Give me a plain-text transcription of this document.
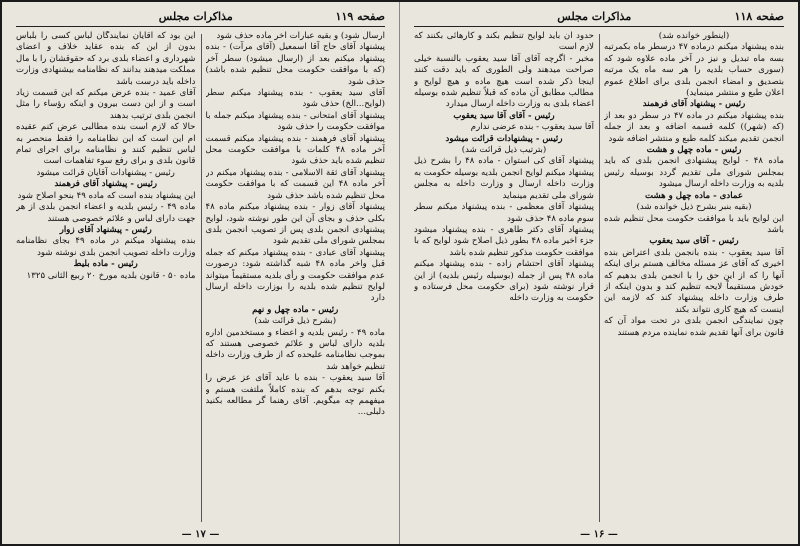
صفحه ۱۱۹
مذاکرات مجلس

ارسال شود) و بقیه عبارات آخر ماده حذف شود

پیشنهاد آقای حاج آقا اسمعیل (آقای مرآت) - بنده پیشنهاد میکنم بعد از (ارسال میشود) سطر آخر (که با موافقت حکومت محل تنظیم شده باشد) حذف شود

آقای سید یعقوب - بنده پیشنهاد میکنم سطر (لوایح...الخ) حذف شود

پیشنهاد آقای امتحانی - بنده پیشنهاد میکنم جمله با موافقت حکومت را حذف شود

پیشنهاد آقای فرهمند - بنده پیشنهاد میکنم قسمت آخر ماده ۴۸ کلمات با موافقت حکومت محل تنظیم شده باید حذف شود

پیشنهاد آقای ثقة الاسلامی - بنده پیشنهاد میکنم در آخر ماده ۴۸ این قسمت که با موافقت حکومت محل تنظیم شده باشد حذف شود

پیشنهاد آقای زوار - بنده پیشنهاد میکنم ماده ۴۸ بکلی حذف و بجای آن این طور نوشته شود، لوایح پیشنهادی انجمن بلدی پس از تصویب انجمن بلدی بمجلس شورای ملی تقدیم شود

پیشنهاد آقای عبادی - بنده پیشنهاد میکنم که جمله قبل واخر ماده ۴۸ شبه گذاشته شود: درصورت عدم موافقت حکومت و رأی بلدیه مستقیماً میتواند لوایح تنظیم شده بلدیه را بوزارت داخله ارسال دارد

رئیس - ماده چهل و نهم

(بشرح ذیل قرائت شد)

ماده ۴۹ - رئیس بلدیه و اعضاء و مستخدمین اداره بلدیه دارای لباس و علائم خصوصی هستند که بموجب نظامنامه علیحده که از طرف وزارت داخله تنظیم خواهد شد

آقا سید یعقوب - بنده با عاید آقای عز عرض را بکنم توجه بدهم که بنده کاملاً ملتفت هستم و میفهمم چه میگویم. آقای رهنما گر مطالعه بکنید دلبلی...

این بود که آقایان نمایندگان لباس کسی را بلباس بدون از این که بنده عقاید خلاف و اعضای شهرداری و اعضاء بلدی برد که حقوقشان را با مال مملکت میدهند بدانند که نظامنامه بیشنهادی وزارت داخله باید درست باشد

آقای عمید - بنده عرض میکنم که این قسمت زیاد است و از این دست بیرون و اینکه رؤساء را مثل انجمن بلدی ترتیب بدهند

حالا که لازم است بنده مطالبی عرض کنم عقیده ام این است که این نظامنامه را فقط منحصر به لباس تنظیم کنند و نظامنامه برای اجرای تمام قانون بلدی و برای رفع سوء تفاهمات است

رئیس - پیشنهادات آقایان قرائت میشود

رئیس - پیشنهاد آقای فرهمند

این پیشنهاد بنده است که ماده ۴۹ بنحو اصلاح شود

ماده ۴۹ - رئیس بلدیه و اعضاء انجمن بلدی از هر جهت دارای لباس و علائم خصوصی هستند

رئیس - پیشنهاد آقای زوار

بنده پیشنهاد میکنم در ماده ۴۹ بجای نظامنامه وزارت داخله تصویب انجمن بلدی نوشته شود

رئیس - ماده بلیط

ماده ۵۰ - قانون بلدیه مورخ ۲۰ ربیع الثانی ۱۳۲۵

— ۱۷ —
صفحه ۱۱۸
مذاکرات مجلس

(اینطور خوانده شد)

بنده پیشنهاد میکنم درماده ۴۷ درسطر ماه بکمرتبه بسه ماه تبدیل و نیز در آخر ماده علاوه شود که (سوری حساب بلدیه را هر سه ماه یک مرتبه بتصدیق و امضاء انجمن بلدی برای اطلاع عموم اعلان طبع و منتشر مینماید)

رئیس - پیشنهاد آقای فرهمند

بنده پیشنهاد میکنم در ماده ۴۷ در سطر دو بعد از (که (شهر)) کلمه قسمه اضافه و بعد از جمله انجمن تقدیم میکند کلمه طبع و منتشر اضافه شود

رئیس - ماده چهل و هشت

ماده ۴۸ - لوایح پیشنهادی انجمن بلدی که باید بمجلس شورای ملی تقدیم گردد بوسیله رئیس بلدیه به وزارت داخله ارسال میشود

عمادی - ماده چهل و هشت

(بقیه بنبر بشرح ذیل خوانده شد)

این لوایح باید با موافقت حکومت محل تنظیم شده باشد

رئیس - آقای سید یعقوب

آقا سید یعقوب - بنده بانجمن بلدی اعتراض بنده اخیری که آقای عز مسئله مخالف هستم برای اینکه آنها را که از این حق را با انجمن بلدی بدهیم که خودش مستقیماً لایحه تنظیم کند و بدون اینکه از طرف وزارت داخله پیشنهاد کند که لازمه این اینست که هیچ کاری نتواند بکند

چون نمایندگی انجمن بلدی در تحت مواد آن که قانون برای آنها تقدیم شده نماینده مردم هستند

حدود آن باید لوایح تنظیم بکند و کارهائی بکنند که لازم است

مخبر - اگرچه آقای آقا سید یعقوب بالنسبة خیلی صراحت میدهند ولی الطوری که باید دقت کنند اینجا ذکر شده است هیچ ماده و هیچ لوایح و مطالب مطابق آن ماده که قبلاً تنظیم شده بوسیله اعضاء بلدی به وزارت داخله ارسال میدارد

رئیس - آقای آقا سید یعقوب

آقا سید یعقوب - بنده عرضی ندارم

رئیس - پیشنهادات قرائت میشود

(بترتیب ذیل قرائت شد)

پیشنهاد آقای کی استوان - ماده ۴۸ را بشرح ذیل پیشنهاد میکنم لوایح انجمن بلدیه بوسیله حکومت به وزارت داخله ارسال و وزارت داخله به مجلس شورای ملی تقدیم مینماید

پیشنهاد آقای معظمی - بنده پیشنهاد میکنم سطر سوم ماده ۴۸ حذف شود

پیشنهاد آقای دکتر طاهری - بنده پیشنهاد میشود جزء اخیر ماده ۴۸ بطور ذیل اصلاح شود لوایح که با موافقت حکومت مذکور تنظیم شده باشد

پیشنهاد آقای احتشام زاده - بنده پیشنهاد میکنم ماده ۴۸ پس از جمله (بوسیله رئیس بلدیه) از این قرار نوشته شود (برای حکومت محل فرستاده و حکومت به وزارت داخله

— ۱۶ —
